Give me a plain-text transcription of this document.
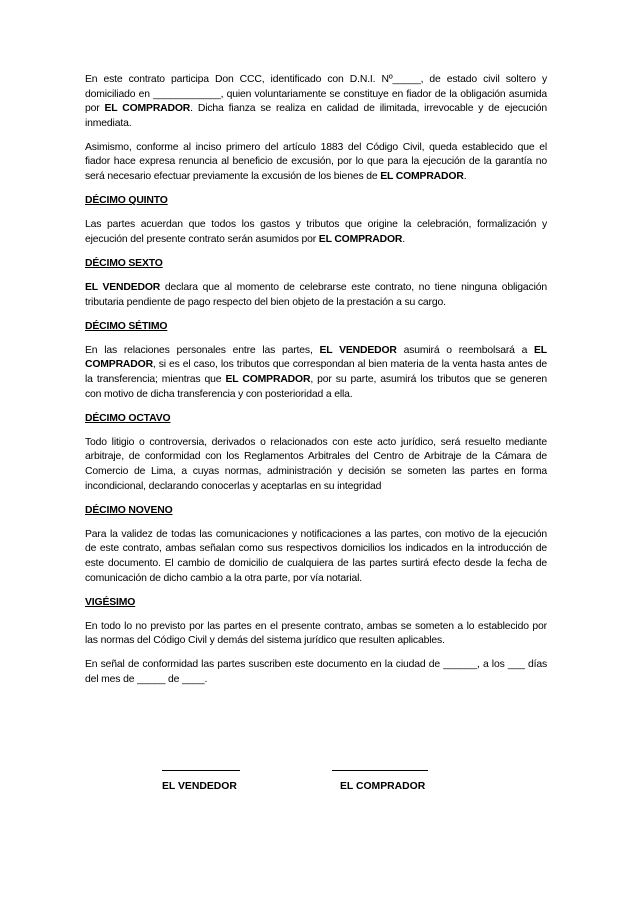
En este contrato participa Don CCC, identificado con D.N.I. Nº_____, de estado civil soltero y domiciliado en ____________, quien voluntariamente se constituye en fiador de la obligación asumida por EL COMPRADOR. Dicha fianza se realiza en calidad de ilimitada, irrevocable y de ejecución inmediata.

Asimismo, conforme al inciso primero del artículo 1883 del Código Civil, queda establecido que el fiador hace expresa renuncia al beneficio de excusión, por lo que para la ejecución de la garantía no será necesario efectuar previamente la excusión de los bienes de EL COMPRADOR.

DÉCIMO QUINTO

Las partes acuerdan que todos los gastos y tributos que origine la celebración, formalización y ejecución del presente contrato serán asumidos por EL COMPRADOR.

DÉCIMO SEXTO

EL VENDEDOR declara que al momento de celebrarse este contrato, no tiene ninguna obligación tributaria pendiente de pago respecto del bien objeto de la prestación a su cargo.

DÉCIMO SÉTIMO

En las relaciones personales entre las partes, EL VENDEDOR asumirá o reembolsará a EL COMPRADOR, si es el caso, los tributos que correspondan al bien materia de la venta hasta antes de la transferencia; mientras que EL COMPRADOR, por su parte, asumirá los tributos que se generen con motivo de dicha transferencia y con posterioridad a ella.

DÉCIMO OCTAVO

Todo litigio o controversia, derivados o relacionados con este acto jurídico, será resuelto mediante arbitraje, de conformidad con los Reglamentos Arbitrales del Centro de Arbitraje de la Cámara de Comercio de Lima, a cuyas normas, administración y decisión se someten las partes en forma incondicional, declarando conocerlas y aceptarlas en su integridad

DÉCIMO NOVENO

Para la validez de todas las comunicaciones y notificaciones a las partes, con motivo de la ejecución de este contrato, ambas señalan como sus respectivos domicilios los indicados en la introducción de este documento. El cambio de domicilio de cualquiera de las partes surtirá efecto desde la fecha de comunicación de dicho cambio a la otra parte, por vía notarial.

VIGÉSIMO

En todo lo no previsto por las partes en el presente contrato, ambas se someten a lo establecido por las normas del Código Civil y demás del sistema jurídico que resulten aplicables.

En señal de conformidad las partes suscriben este documento en la ciudad de ______, a los ___ días del mes de _____ de ____.

EL VENDEDOR	EL COMPRADOR
